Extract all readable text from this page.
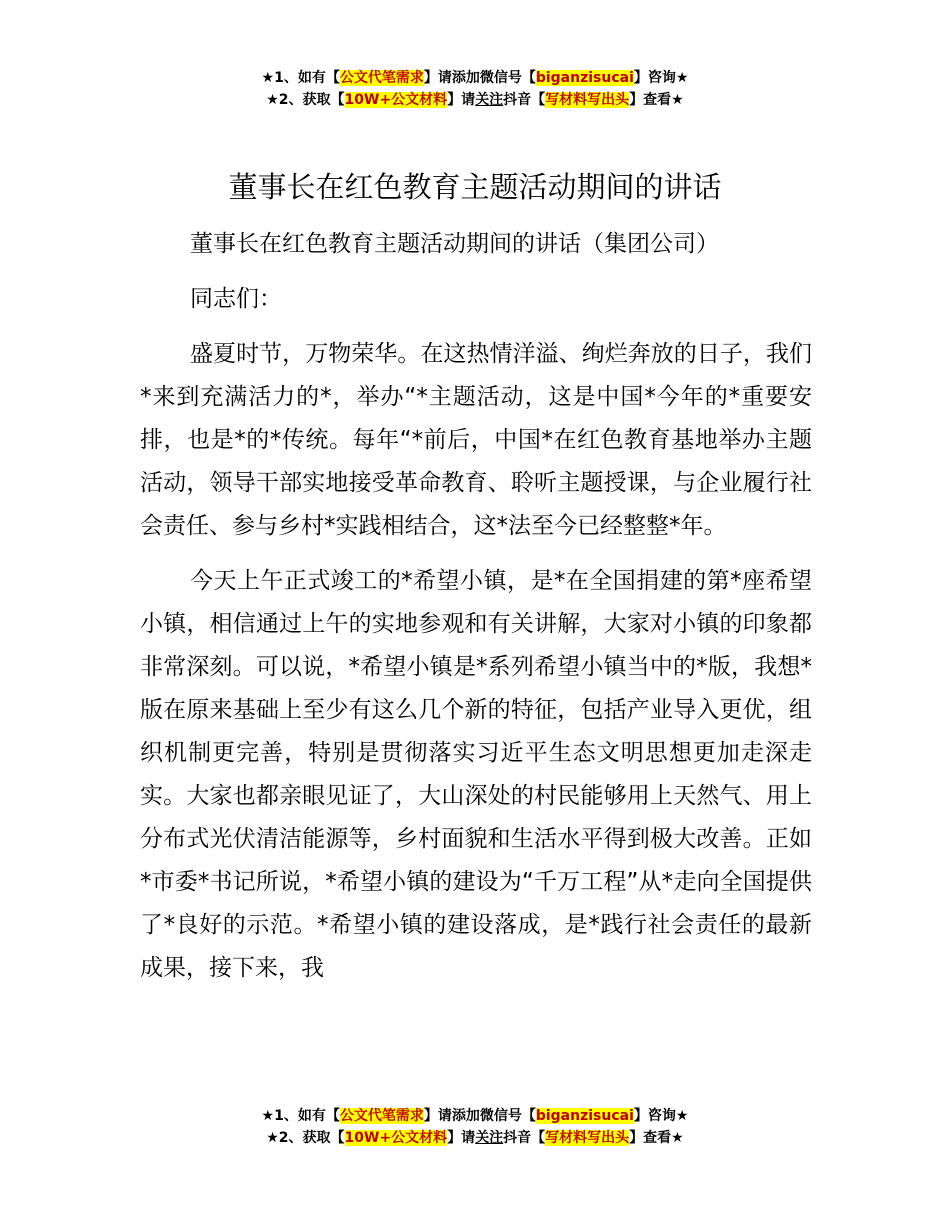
★1、如有【公文代笔需求】请添加微信号【biganzisucai】咨询★
★2、获取【10W+公文材料】请关注抖音【写材料写出头】查看★
董事长在红色教育主题活动期间的讲话

董事长在红色教育主题活动期间的讲话（集团公司）

同志们：

盛夏时节，万物荣华。在这热情洋溢、绚烂奔放的日子，我们*来到充满活力的*，举办“*主题活动，这是中国*今年的*重要安排，也是*的*传统。每年“*前后，中国*在红色教育基地举办主题活动，领导干部实地接受革命教育、聆听主题授课，与企业履行社会责任、参与乡村*实践相结合，这*法至今已经整整*年。

今天上午正式竣工的*希望小镇，是*在全国捐建的第*座希望小镇，相信通过上午的实地参观和有关讲解，大家对小镇的印象都非常深刻。可以说，*希望小镇是*系列希望小镇当中的*版，我想*版在原来基础上至少有这么几个新的特征，包括产业导入更优，组织机制更完善，特别是贯彻落实习近平生态文明思想更加走深走实。大家也都亲眼见证了，大山深处的村民能够用上天然气、用上分布式光伏清洁能源等，乡村面貌和生活水平得到极大改善。正如*市委*书记所说，*希望小镇的建设为“千万工程”从*走向全国提供了*良好的示范。*希望小镇的建设落成，是*践行社会责任的最新成果，接下来，我

★1、如有【公文代笔需求】请添加微信号【biganzisucai】咨询★
★2、获取【10W+公文材料】请关注抖音【写材料写出头】查看★
